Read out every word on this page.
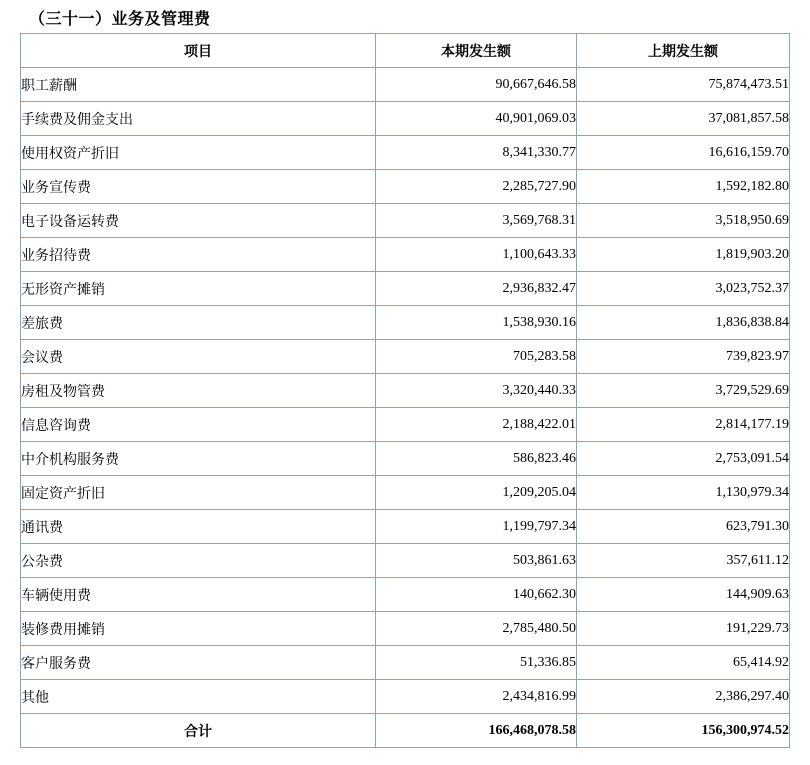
（三十一）业务及管理费
项目	本期发生额	上期发生额
职工薪酬	90,667,646.58	75,874,473.51
手续费及佣金支出	40,901,069.03	37,081,857.58
使用权资产折旧	8,341,330.77	16,616,159.70
业务宣传费	2,285,727.90	1,592,182.80
电子设备运转费	3,569,768.31	3,518,950.69
业务招待费	1,100,643.33	1,819,903.20
无形资产摊销	2,936,832.47	3,023,752.37
差旅费	1,538,930.16	1,836,838.84
会议费	705,283.58	739,823.97
房租及物管费	3,320,440.33	3,729,529.69
信息咨询费	2,188,422.01	2,814,177.19
中介机构服务费	586,823.46	2,753,091.54
固定资产折旧	1,209,205.04	1,130,979.34
通讯费	1,199,797.34	623,791.30
公杂费	503,861.63	357,611.12
车辆使用费	140,662.30	144,909.63
装修费用摊销	2,785,480.50	191,229.73
客户服务费	51,336.85	65,414.92
其他	2,434,816.99	2,386,297.40
合计	166,468,078.58	156,300,974.52
